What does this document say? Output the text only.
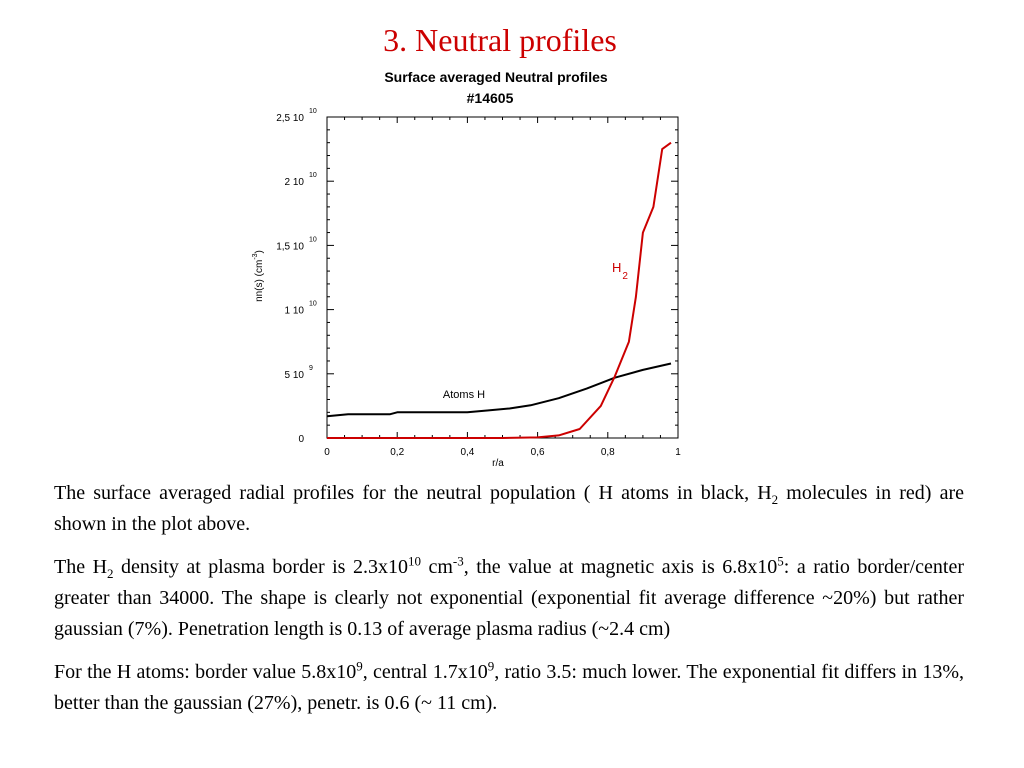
3. Neutral profiles
Surface averaged Neutral profiles
#14605
0	0,2	0,4	0,6	0,8	1
0
5 10
9
1 10
10
1,5 10
10
2 10
10
2,5 10
10
Atoms H
$H_2$
r/a
nn(s) $(cm^{-3})$

The surface averaged radial profiles for the neutral population ( H atoms in black, $H_2$ molecules in red) are shown in the plot above.

The $H_2$ density at plasma border is $2.3x10^{10}$ $cm^{-3}$, the value at magnetic axis is $6.8x10^5$: a ratio border/center greater than 34000. The shape is clearly not exponential (exponential fit average difference ~20%) but rather gaussian (7%). Penetration length is 0.13 of average plasma radius (~2.4 cm)

For the H atoms: border value $5.8x10^9$, central $1.7x10^9$, ratio 3.5: much lower. The exponential fit differs in 13%, better than the gaussian (27%), penetr. is 0.6 (~ 11 cm).
